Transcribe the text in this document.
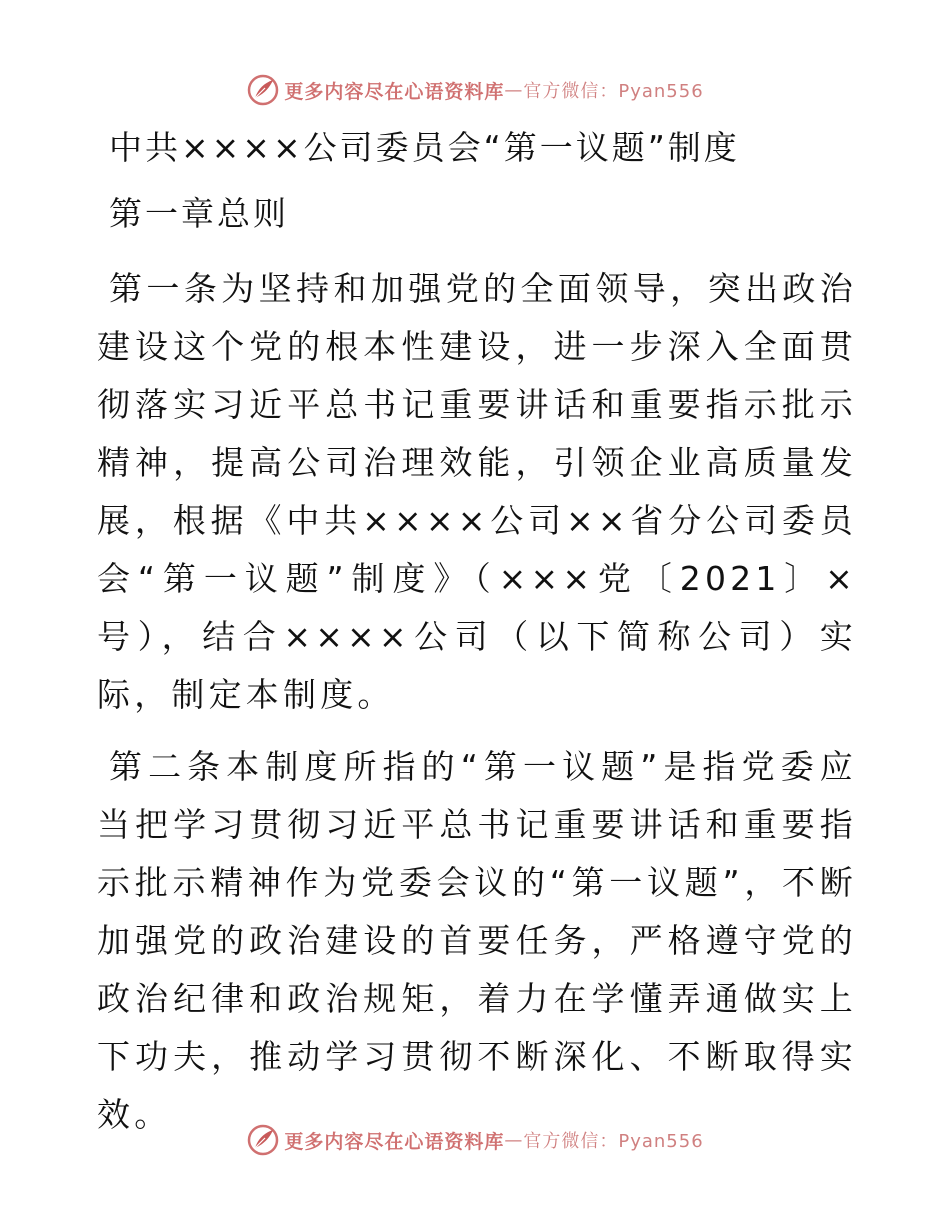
更多内容尽在心语资料库 — 官方微信：Pyan556
中共××××公司委员会“第一议题”制度
第一章总则

第一条为坚持和加强党的全面领导，突出政治建设这个党的根本性建设，进一步深入全面贯彻落实习近平总书记重要讲话和重要指示批示精神，提高公司治理效能，引领企业高质量发展，根据《中共××××公司××省分公司委员会“第一议题”制度》（×××党〔2021〕×号），结合××××公司（以下简称公司）实际，制定本制度。

第二条本制度所指的“第一议题”是指党委应当把学习贯彻习近平总书记重要讲话和重要指示批示精神作为党委会议的“第一议题”，不断加强党的政治建设的首要任务，严格遵守党的政治纪律和政治规矩，着力在学懂弄通做实上下功夫，推动学习贯彻不断深化、不断取得实效。

更多内容尽在心语资料库 — 官方微信：Pyan556
